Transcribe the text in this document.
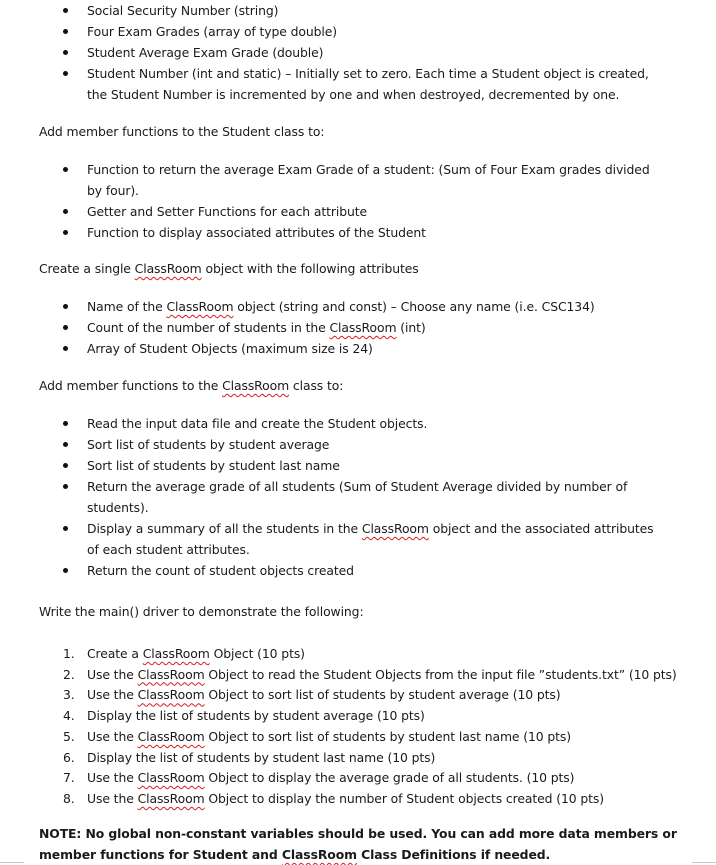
Social Security Number (string)
Four Exam Grades (array of type double)
Student Average Exam Grade (double)
Student Number (int and static) – Initially set to zero. Each time a Student object is created, the Student Number is incremented by one and when destroyed, decremented by one.
Add member functions to the Student class to:
Function to return the average Exam Grade of a student: (Sum of Four Exam grades divided by four).
Getter and Setter Functions for each attribute
Function to display associated attributes of the Student
Create a single ClassRoom object with the following attributes
Name of the ClassRoom object (string and const) – Choose any name (i.e. CSC134)
Count of the number of students in the ClassRoom (int)
Array of Student Objects (maximum size is 24)
Add member functions to the ClassRoom class to:
Read the input data file and create the Student objects.
Sort list of students by student average
Sort list of students by student last name
Return the average grade of all students (Sum of Student Average divided by number of students).
Display a summary of all the students in the ClassRoom object and the associated attributes of each student attributes.
Return the count of student objects created
Write the main() driver to demonstrate the following:
1. Create a ClassRoom Object (10 pts)
2. Use the ClassRoom Object to read the Student Objects from the input file ”students.txt” (10 pts)
3. Use the ClassRoom Object to sort list of students by student average (10 pts)
4. Display the list of students by student average (10 pts)
5. Use the ClassRoom Object to sort list of students by student last name (10 pts)
6. Display the list of students by student last name (10 pts)
7. Use the ClassRoom Object to display the average grade of all students. (10 pts)
8. Use the ClassRoom Object to display the number of Student objects created (10 pts)
NOTE: No global non-constant variables should be used. You can add more data members or member functions for Student and ClassRoom Class Definitions if needed.
